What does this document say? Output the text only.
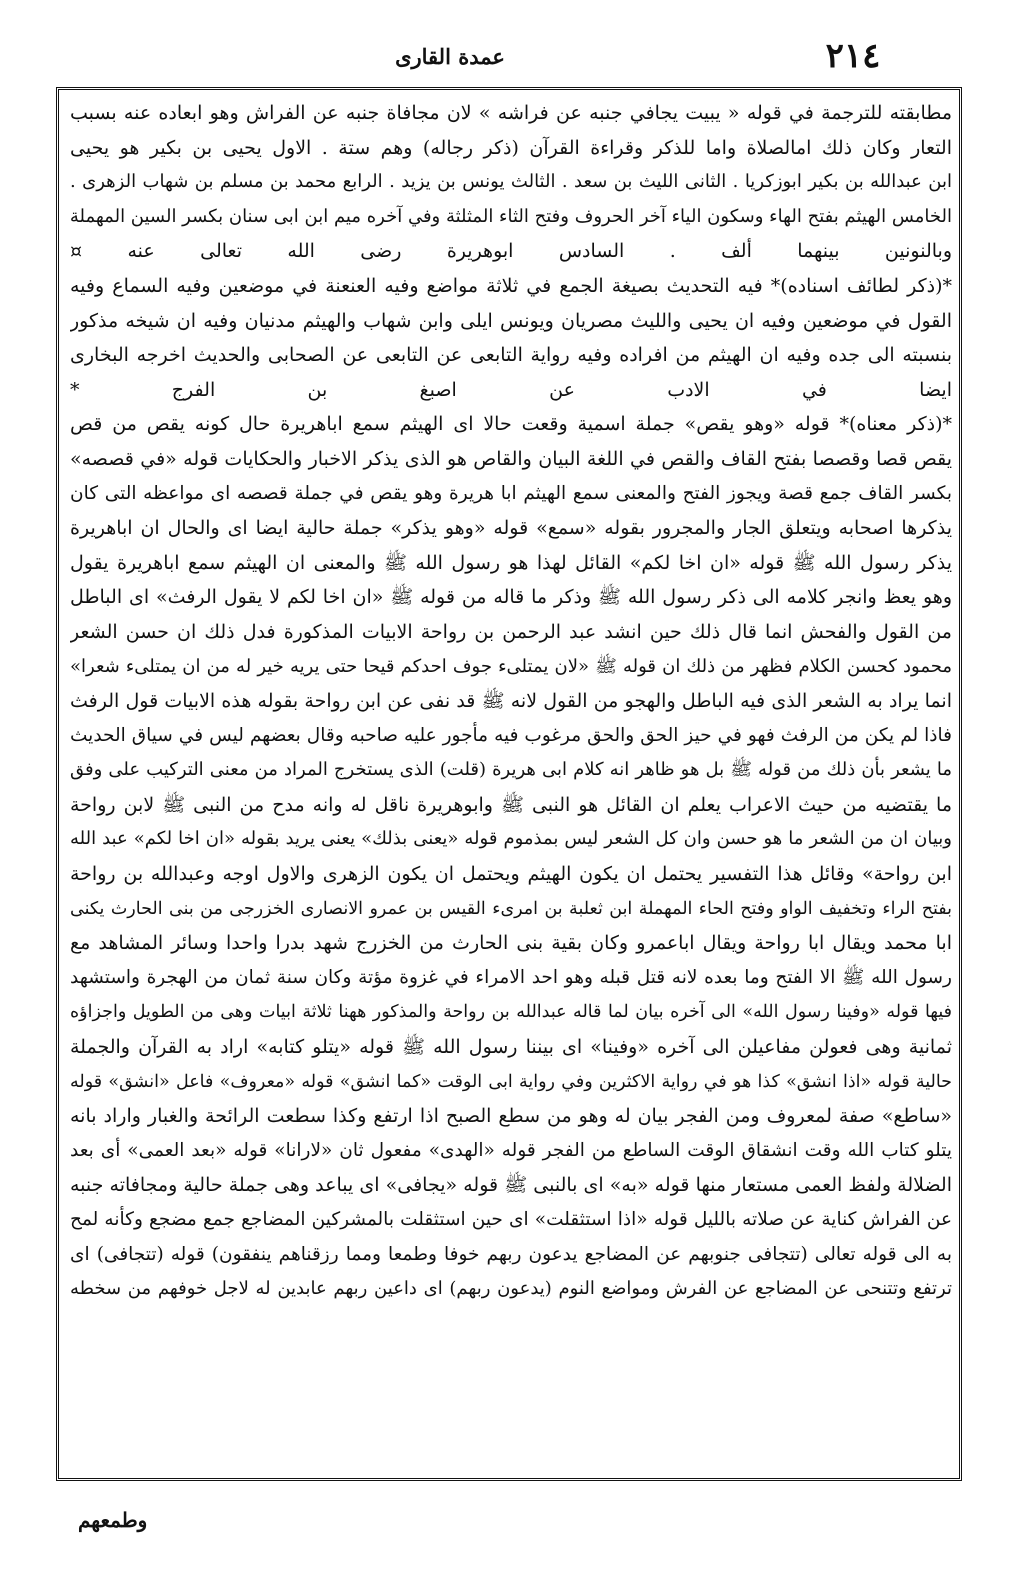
عمدة القاری	٢١٤
مطابقته للترجمة في قوله « يبيت يجافي جنبه عن فراشه » لان مجافاة جنبه عن الفراش وهو ابعاده عنه بسبب
التعار وكان ذلك امالصلاة واما للذكر وقراءة القرآن (ذكر رجاله) وهم ستة . الاول يحيى بن بكير هو يحيى
ابن عبدالله بن بكير ابوزكريا . الثانى الليث بن سعد . الثالث يونس بن يزيد . الرابع محمد بن مسلم بن شهاب الزهرى .
الخامس الهيثم بفتح الهاء وسكون الياء آخر الحروف وفتح الثاء المثلثة وفي آخره ميم ابن ابى سنان بكسر السين المهملة
وبالنونين بينهما ألف . السادس ابوهريرة رضى الله تعالى عنه ¤
*(ذكر لطائف اسناده)* فيه التحديث بصيغة الجمع في ثلاثة مواضع وفيه العنعنة في موضعين وفيه السماع وفيه
القول في موضعين وفيه ان يحيى والليث مصريان ويونس ايلى وابن شهاب والهيثم مدنيان وفيه ان شيخه مذكور
بنسبته الى جده وفيه ان الهيثم من افراده وفيه رواية التابعى عن التابعى عن الصحابى والحديث اخرجه البخارى
ايضا في الادب عن اصبغ بن الفرج *
*(ذكر معناه)* قوله «وهو يقص» جملة اسمية وقعت حالا اى الهيثم سمع اباهريرة حال كونه يقص من قص
يقص قصا وقصصا بفتح القاف والقص في اللغة البيان والقاص هو الذى يذكر الاخبار والحكايات قوله «في قصصه»
بكسر القاف جمع قصة ويجوز الفتح والمعنى سمع الهيثم ابا هريرة وهو يقص في جملة قصصه اى مواعظه التى كان
يذكرها اصحابه ويتعلق الجار والمجرور بقوله «سمع» قوله «وهو يذكر» جملة حالية ايضا اى والحال ان اباهريرة
يذكر رسول الله ﷺ قوله «ان اخا لكم» القائل لهذا هو رسول الله ﷺ والمعنى ان الهيثم سمع اباهريرة يقول
وهو يعظ وانجر كلامه الى ذكر رسول الله ﷺ وذكر ما قاله من قوله ﷺ «ان اخا لكم لا يقول الرفث» اى الباطل
من القول والفحش انما قال ذلك حين انشد عبد الرحمن بن رواحة الابيات المذكورة فدل ذلك ان حسن الشعر
محمود كحسن الكلام فظهر من ذلك ان قوله ﷺ «لان يمتلىء جوف احدكم قيحا حتى يريه خير له من ان يمتلىء شعرا»
انما يراد به الشعر الذى فيه الباطل والهجو من القول لانه ﷺ قد نفى عن ابن رواحة بقوله هذه الابيات قول الرفث
فاذا لم يكن من الرفث فهو في حيز الحق والحق مرغوب فيه مأجور عليه صاحبه وقال بعضهم ليس في سياق الحديث
ما يشعر بأن ذلك من قوله ﷺ بل هو ظاهر انه كلام ابى هريرة (قلت) الذى يستخرج المراد من معنى التركيب على وفق
ما يقتضيه من حيث الاعراب يعلم ان القائل هو النبى ﷺ وابوهريرة ناقل له وانه مدح من النبى ﷺ لابن رواحة
وبيان ان من الشعر ما هو حسن وان كل الشعر ليس بمذموم قوله «يعنى بذلك» يعنى يريد بقوله «ان اخا لكم» عبد الله
ابن رواحة» وقائل هذا التفسير يحتمل ان يكون الهيثم ويحتمل ان يكون الزهرى والاول اوجه وعبدالله بن رواحة
بفتح الراء وتخفيف الواو وفتح الحاء المهملة ابن ثعلبة بن امرىء القيس بن عمرو الانصارى الخزرجى من بنى الحارث يكنى
ابا محمد ويقال ابا رواحة ويقال اباعمرو وكان بقية بنى الحارث من الخزرج شهد بدرا واحدا وسائر المشاهد مع
رسول الله ﷺ الا الفتح وما بعده لانه قتل قبله وهو احد الامراء في غزوة مؤتة وكان سنة ثمان من الهجرة واستشهد
فيها قوله «وفينا رسول الله» الى آخره بيان لما قاله عبدالله بن رواحة والمذكور ههنا ثلاثة ابيات وهى من الطويل واجزاؤه
ثمانية وهى فعولن مفاعيلن الى آخره «وفينا» اى بيننا رسول الله ﷺ قوله «يتلو كتابه» اراد به القرآن والجملة
حالية قوله «اذا انشق» كذا هو في رواية الاكثرين وفي رواية ابى الوقت «كما انشق» قوله «معروف» فاعل «انشق» قوله
«ساطع» صفة لمعروف ومن الفجر بيان له وهو من سطع الصبح اذا ارتفع وكذا سطعت الرائحة والغبار واراد بانه
يتلو كتاب الله وقت انشقاق الوقت الساطع من الفجر قوله «الهدى» مفعول ثان «لارانا» قوله «بعد العمى» أى بعد
الضلالة ولفظ العمى مستعار منها قوله «به» اى بالنبى ﷺ قوله «يجافى» اى يباعد وهى جملة حالية ومجافاته جنبه
عن الفراش كناية عن صلاته بالليل قوله «اذا استثقلت» اى حين استثقلت بالمشركين المضاجع جمع مضجع وكأنه لمح
به الى قوله تعالى (تتجافى جنوبهم عن المضاجع يدعون ربهم خوفا وطمعا ومما رزقناهم ينفقون) قوله (تتجافى) اى
ترتفع وتتنحى عن المضاجع عن الفرش ومواضع النوم (يدعون ربهم) اى داعين ربهم عابدين له لاجل خوفهم من سخطه
وطمعهم
